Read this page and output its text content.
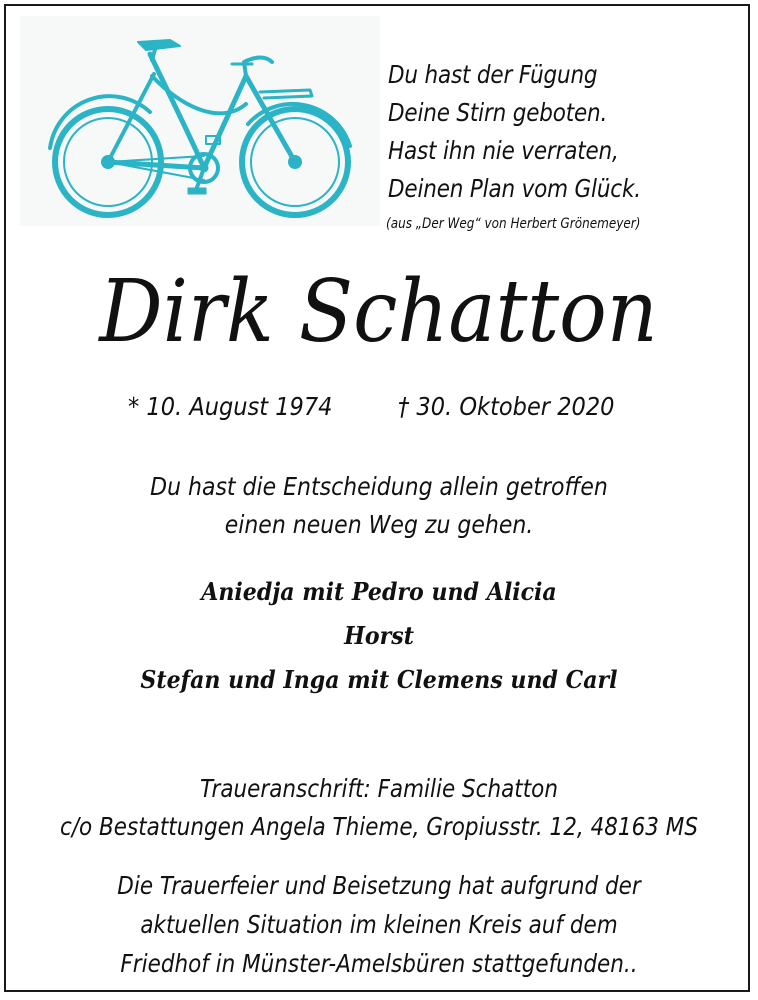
Du hast der Fügung
Deine Stirn geboten.
Hast ihn nie verraten,
Deinen Plan vom Glück.
(aus „Der Weg“ von Herbert Grönemeyer)
Dirk Schatton
* 10. August 1974	† 30. Oktober 2020
Du hast die Entscheidung allein getroffen
einen neuen Weg zu gehen.
Aniedja mit Pedro und Alicia
Horst
Stefan und Inga mit Clemens und Carl
Traueranschrift: Familie Schatton
c/o Bestattungen Angela Thieme, Gropiusstr. 12, 48163 MS
Die Trauerfeier und Beisetzung hat aufgrund der
aktuellen Situation im kleinen Kreis auf dem
Friedhof in Münster-Amelsbüren stattgefunden..
